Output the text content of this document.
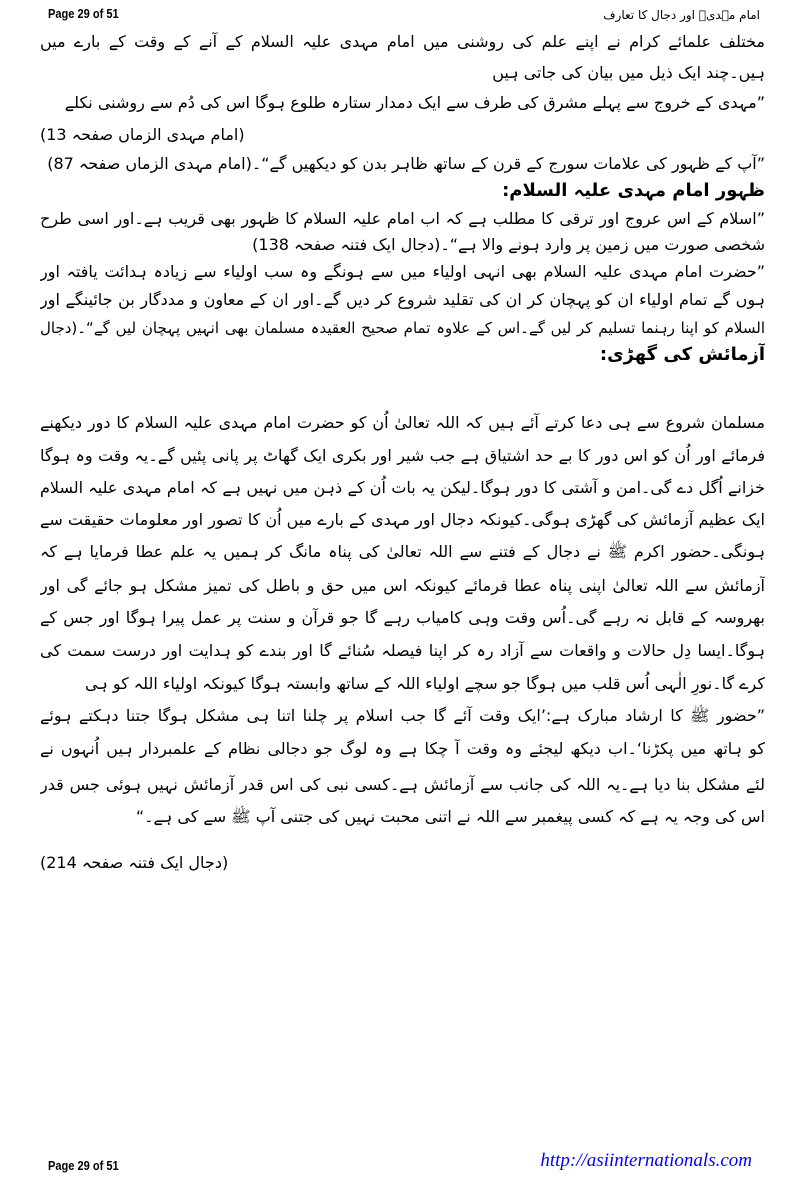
Page 29 of 51	امام مہدیؑ اور دجال کا تعارف
مختلف علمائے کرام نے اپنے علم کی روشنی میں امام مہدی علیہ السلام کے آنے کے وقت کے بارے میں
ہیں۔چند ایک ذیل میں بیان کی جاتی ہیں
”مہدی کے خروج سے پہلے مشرق کی طرف سے ایک دمدار ستارہ طلوع ہوگا اس کی دُم سے روشنی نکلے
(امام مہدی الزماں صفحہ 13)
”آپ کے ظہور کی علامات سورج کے قرن کے ساتھ ظاہر بدن کو دیکھیں گے“۔(امام مہدی الزماں صفحہ 87)
ظہور امام مہدی علیہ السلام:
”اسلام کے اس عروج اور ترقی کا مطلب ہے کہ اب امام علیہ السلام کا ظہور بھی قریب ہے۔اور اسی طرح
شخصی صورت میں زمین پر وارد ہونے والا ہے“۔(دجال ایک فتنہ صفحہ 138)
”حضرت امام مہدی علیہ السلام بھی انہی اولیاء میں سے ہونگے وہ سب اولیاء سے زیادہ ہدائت یافتہ اور
ہوں گے تمام اولیاء ان کو پہچان کر ان کی تقلید شروع کر دیں گے۔اور ان کے معاون و مددگار بن جائینگے اور
السلام کو اپنا رہنما تسلیم کر لیں گے۔اس کے علاوہ تمام صحیح العقیدہ مسلمان بھی انہیں پہچان لیں گے“۔(دجال
آزمائش کی گھڑی:
مسلمان شروع سے ہی دعا کرتے آئے ہیں کہ اللہ تعالیٰ اُن کو حضرت امام مہدی علیہ السلام کا دور دیکھنے
فرمائے اور اُن کو اس دور کا بے حد اشتیاق ہے جب شیر اور بکری ایک گھاٹ پر پانی پئیں گے۔یہ وقت وہ ہوگا
خزانے اُگل دے گی۔امن و آشتی کا دور ہوگا۔لیکن یہ بات اُن کے ذہن میں نہیں ہے کہ امام مہدی علیہ السلام
ایک عظیم آزمائش کی گھڑی ہوگی۔کیونکہ دجال اور مہدی کے بارے میں اُن کا تصور اور معلومات حقیقت سے
ہونگی۔حضور اکرم ﷺ نے دجال کے فتنے سے اللہ تعالیٰ کی پناہ مانگ کر ہمیں یہ علم عطا فرمایا ہے کہ
آزمائش سے اللہ تعالیٰ اپنی پناہ عطا فرمائے کیونکہ اس میں حق و باطل کی تمیز مشکل ہو جائے گی اور
بھروسہ کے قابل نہ رہے گی۔اُس وقت وہی کامیاب رہے گا جو قرآن و سنت پر عمل پیرا ہوگا اور جس کے
ہوگا۔ایسا دِل حالات و واقعات سے آزاد رہ کر اپنا فیصلہ سُنائے گا اور بندے کو ہدایت اور درست سمت کی
کرے گا۔نورِ الٰہی اُس قلب میں ہوگا جو سچے اولیاء اللہ کے ساتھ وابستہ ہوگا کیونکہ اولیاء اللہ کو ہی
”حضور ﷺ کا ارشاد مبارک ہے:’ایک وقت آئے گا جب اسلام پر چلنا اتنا ہی مشکل ہوگا جتنا دہکتے ہوئے
کو ہاتھ میں پکڑنا‘۔اب دیکھ لیجئے وہ وقت آ چکا ہے وہ لوگ جو دجالی نظام کے علمبردار ہیں اُنہوں نے
لئے مشکل بنا دیا ہے۔یہ اللہ کی جانب سے آزمائش ہے۔کسی نبی کی اس قدر آزمائش نہیں ہوئی جس قدر
اس کی وجہ یہ ہے کہ کسی پیغمبر سے اللہ نے اتنی محبت نہیں کی جتنی آپ ﷺ سے کی ہے۔“
(دجال ایک فتنہ صفحہ 214)
Page 29 of 51	http://asiinternationals.com
